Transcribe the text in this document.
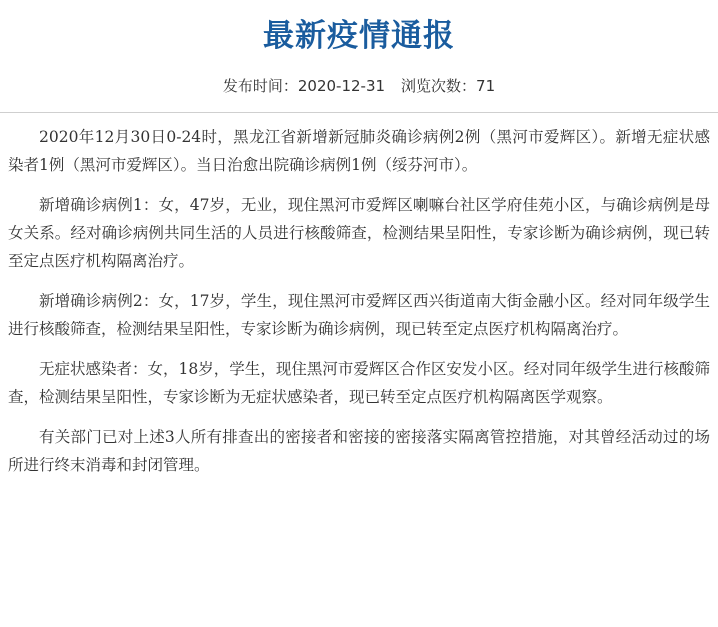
最新疫情通报
发布时间：2020-12-31 浏览次数：71

2020年12月30日0-24时，黑龙江省新增新冠肺炎确诊病例2例（黑河市爱辉区）。新增无症状感染者1例（黑河市爱辉区）。当日治愈出院确诊病例1例（绥芬河市）。

新增确诊病例1：女，47岁，无业，现住黑河市爱辉区喇嘛台社区学府佳苑小区，与确诊病例是母女关系。经对确诊病例共同生活的人员进行核酸筛查，检测结果呈阳性，专家诊断为确诊病例，现已转至定点医疗机构隔离治疗。

新增确诊病例2：女，17岁，学生，现住黑河市爱辉区西兴街道南大街金融小区。经对同年级学生进行核酸筛查，检测结果呈阳性，专家诊断为确诊病例，现已转至定点医疗机构隔离治疗。

无症状感染者：女，18岁，学生，现住黑河市爱辉区合作区安发小区。经对同年级学生进行核酸筛查，检测结果呈阳性，专家诊断为无症状感染者，现已转至定点医疗机构隔离医学观察。

有关部门已对上述3人所有排查出的密接者和密接的密接落实隔离管控措施，对其曾经活动过的场所进行终末消毒和封闭管理。
